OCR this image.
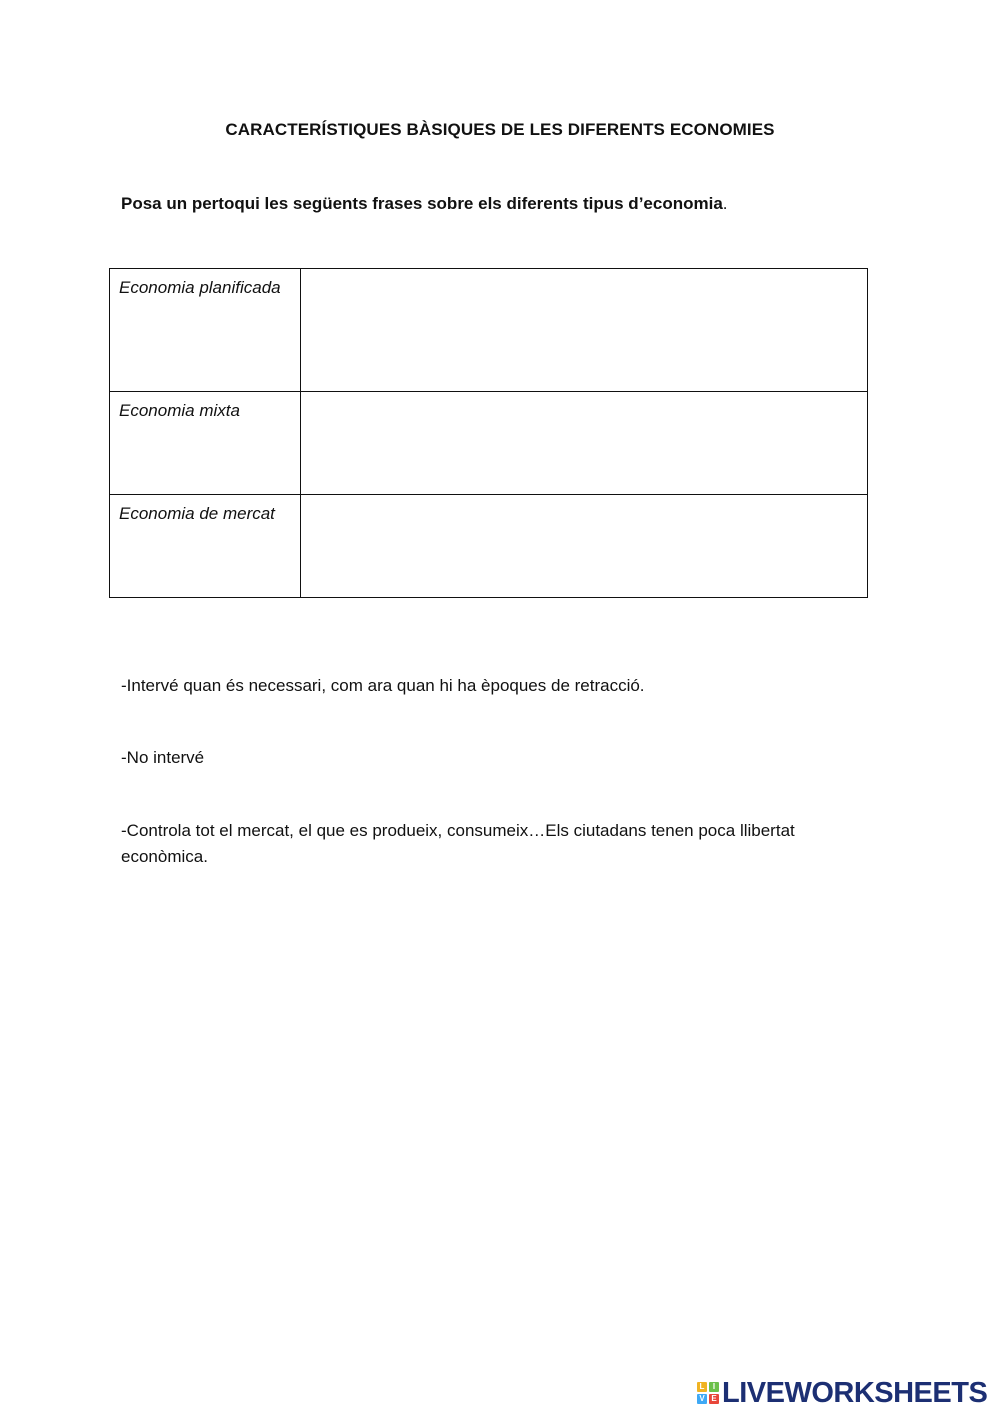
CARACTERÍSTIQUES BÀSIQUES DE LES DIFERENTS ECONOMIES
Posa un pertoqui les següents frases sobre els diferents tipus d’economia.
Economia planificada	
Economia mixta	
Economia de mercat	
-Intervé quan és necessari, com ara quan hi ha èpoques de retracció.
-No intervé
-Controla tot el mercat, el que es produeix, consumeix…Els ciutadans tenen poca llibertat econòmica.
L	I
V E LIVEWORKSHEETS
